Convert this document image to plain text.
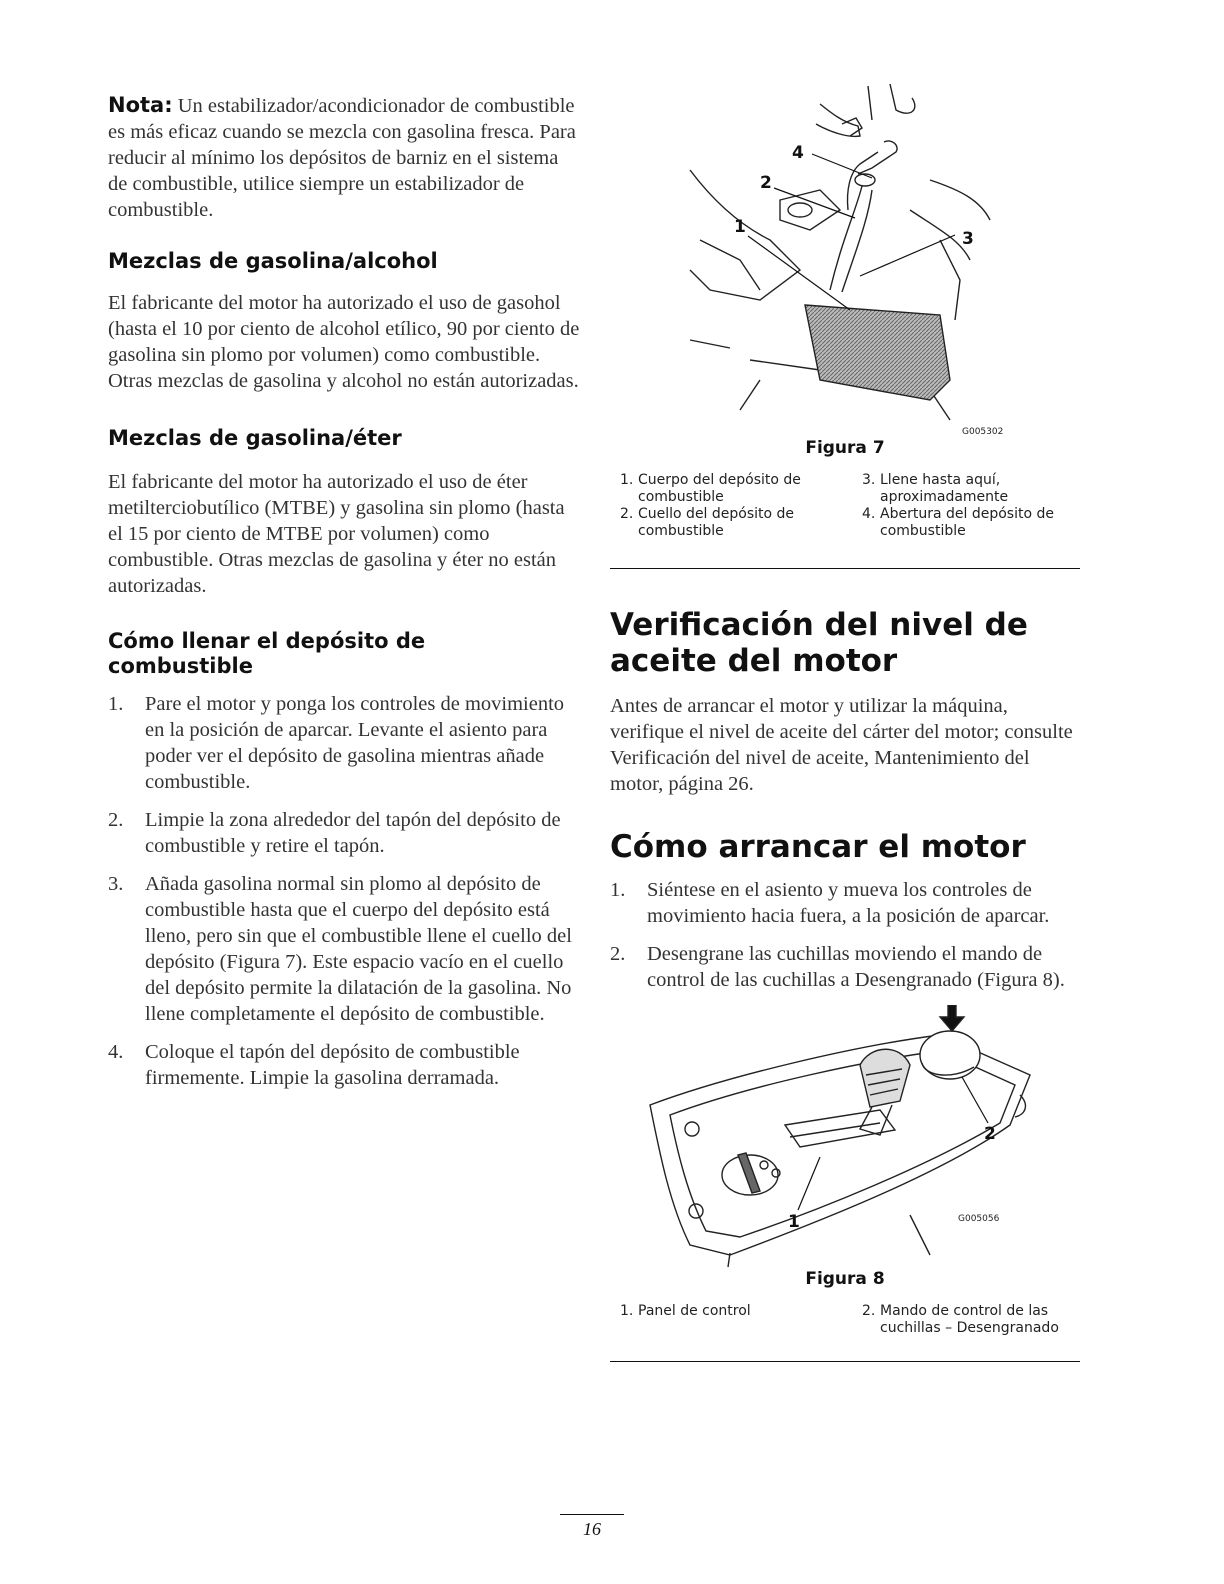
Nota: Un estabilizador/acondicionador de combustible es más eficaz cuando se mezcla con gasolina fresca. Para reducir al mínimo los depósitos de barniz en el sistema de combustible, utilice siempre un estabilizador de combustible.

Mezclas de gasolina/alcohol

El fabricante del motor ha autorizado el uso de gasohol (hasta el 10 por ciento de alcohol etílico, 90 por ciento de gasolina sin plomo por volumen) como combustible. Otras mezclas de gasolina y alcohol no están autorizadas.

Mezclas de gasolina/éter

El fabricante del motor ha autorizado el uso de éter metilterciobutílico (MTBE) y gasolina sin plomo (hasta el 15 por ciento de MTBE por volumen) como combustible. Otras mezclas de gasolina y éter no están autorizadas.

Cómo llenar el depósito de combustible
1. Pare el motor y ponga los controles de movimiento en la posición de aparcar. Levante el asiento para poder ver el depósito de gasolina mientras añade combustible.
2. Limpie la zona alrededor del tapón del depósito de combustible y retire el tapón.
3. Añada gasolina normal sin plomo al depósito de combustible hasta que el cuerpo del depósito está lleno, pero sin que el combustible llene el cuello del depósito (Figura 7). Este espacio vacío en el cuello del depósito permite la dilatación de la gasolina. No llene completamente el depósito de combustible.
4. Coloque el tapón del depósito de combustible firmemente. Limpie la gasolina derramada.
4
2
1
3
G005302
Figura 7
1. Cuerpo del depósito de combustible
3. Llene hasta aquí, aproximadamente
2. Cuello del depósito de combustible
4. Abertura del depósito de combustible
Verificación del nivel de aceite del motor

Antes de arrancar el motor y utilizar la máquina, verifique el nivel de aceite del cárter del motor; consulte Verificación del nivel de aceite, Mantenimiento del motor, página 26.

Cómo arrancar el motor
1. Siéntese en el asiento y mueva los controles de movimiento hacia fuera, a la posición de aparcar.
2. Desengrane las cuchillas moviendo el mando de control de las cuchillas a Desengranado (Figura 8).
1
2
G005056
Figura 8
1. Panel de control	2. Mando de control de las cuchillas – Desengranado
16
